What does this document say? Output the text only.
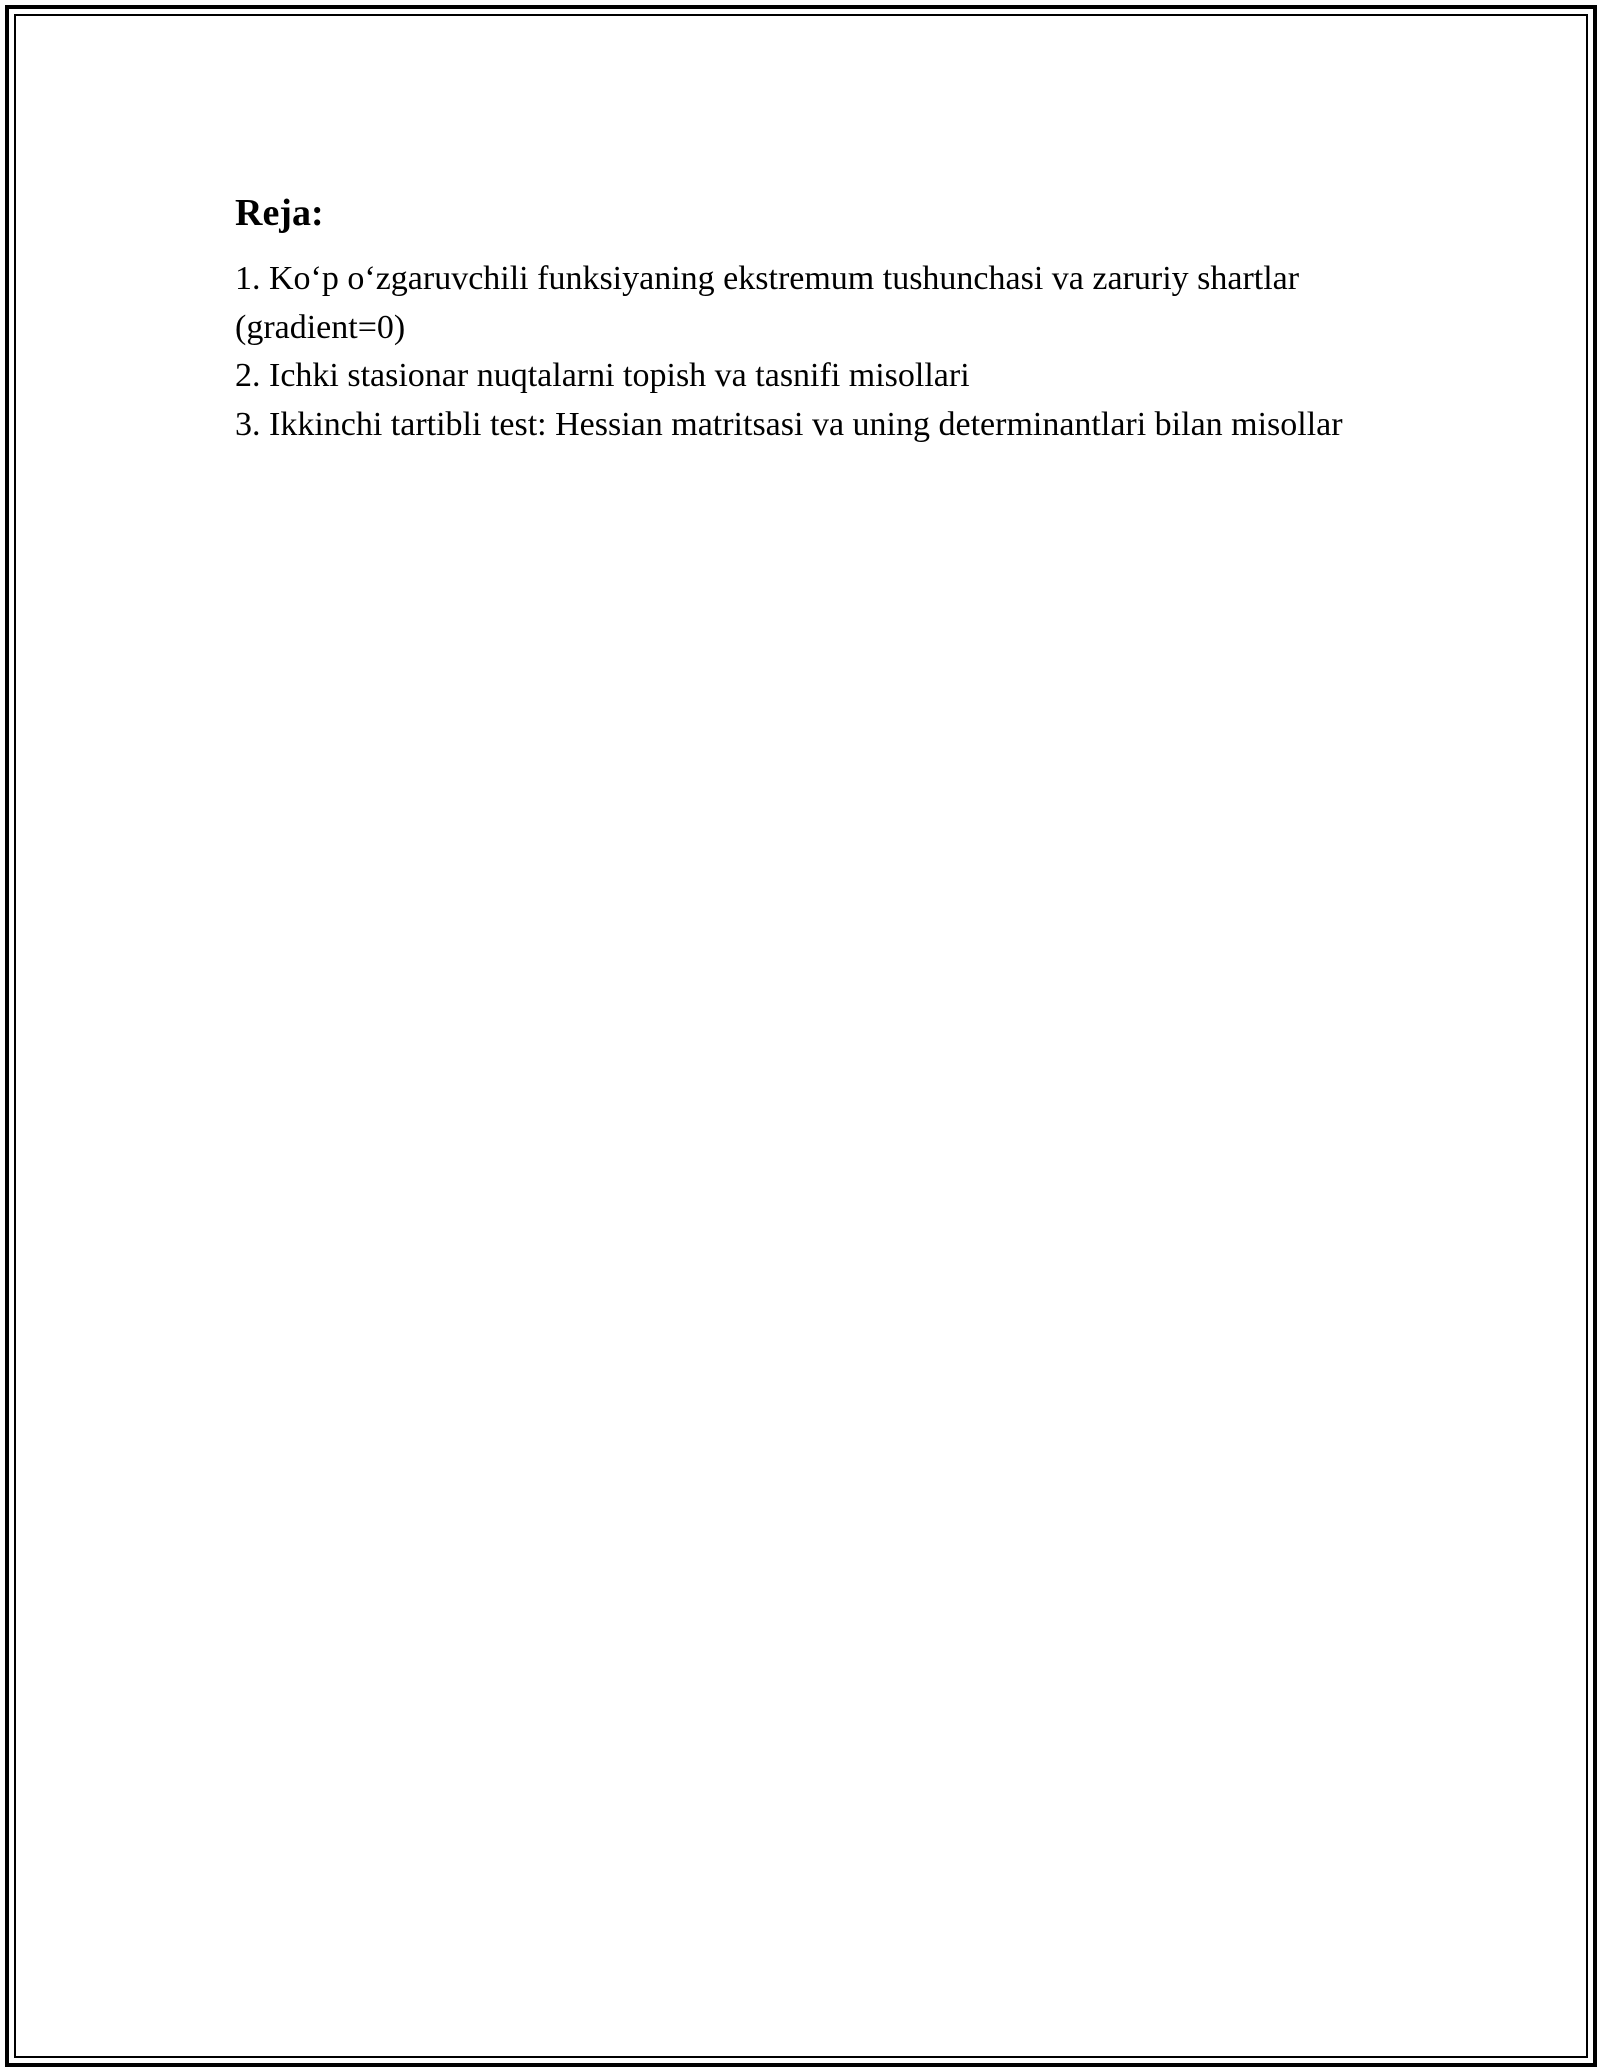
Reja:
1. Ko‘p o‘zgaruvchili funksiyaning ekstremum tushunchasi va zaruriy shartlar (gradient=0)
2. Ichki stasionar nuqtalarni topish va tasnifi misollari
3. Ikkinchi tartibli test: Hessian matritsasi va uning determinantlari bilan misollar
